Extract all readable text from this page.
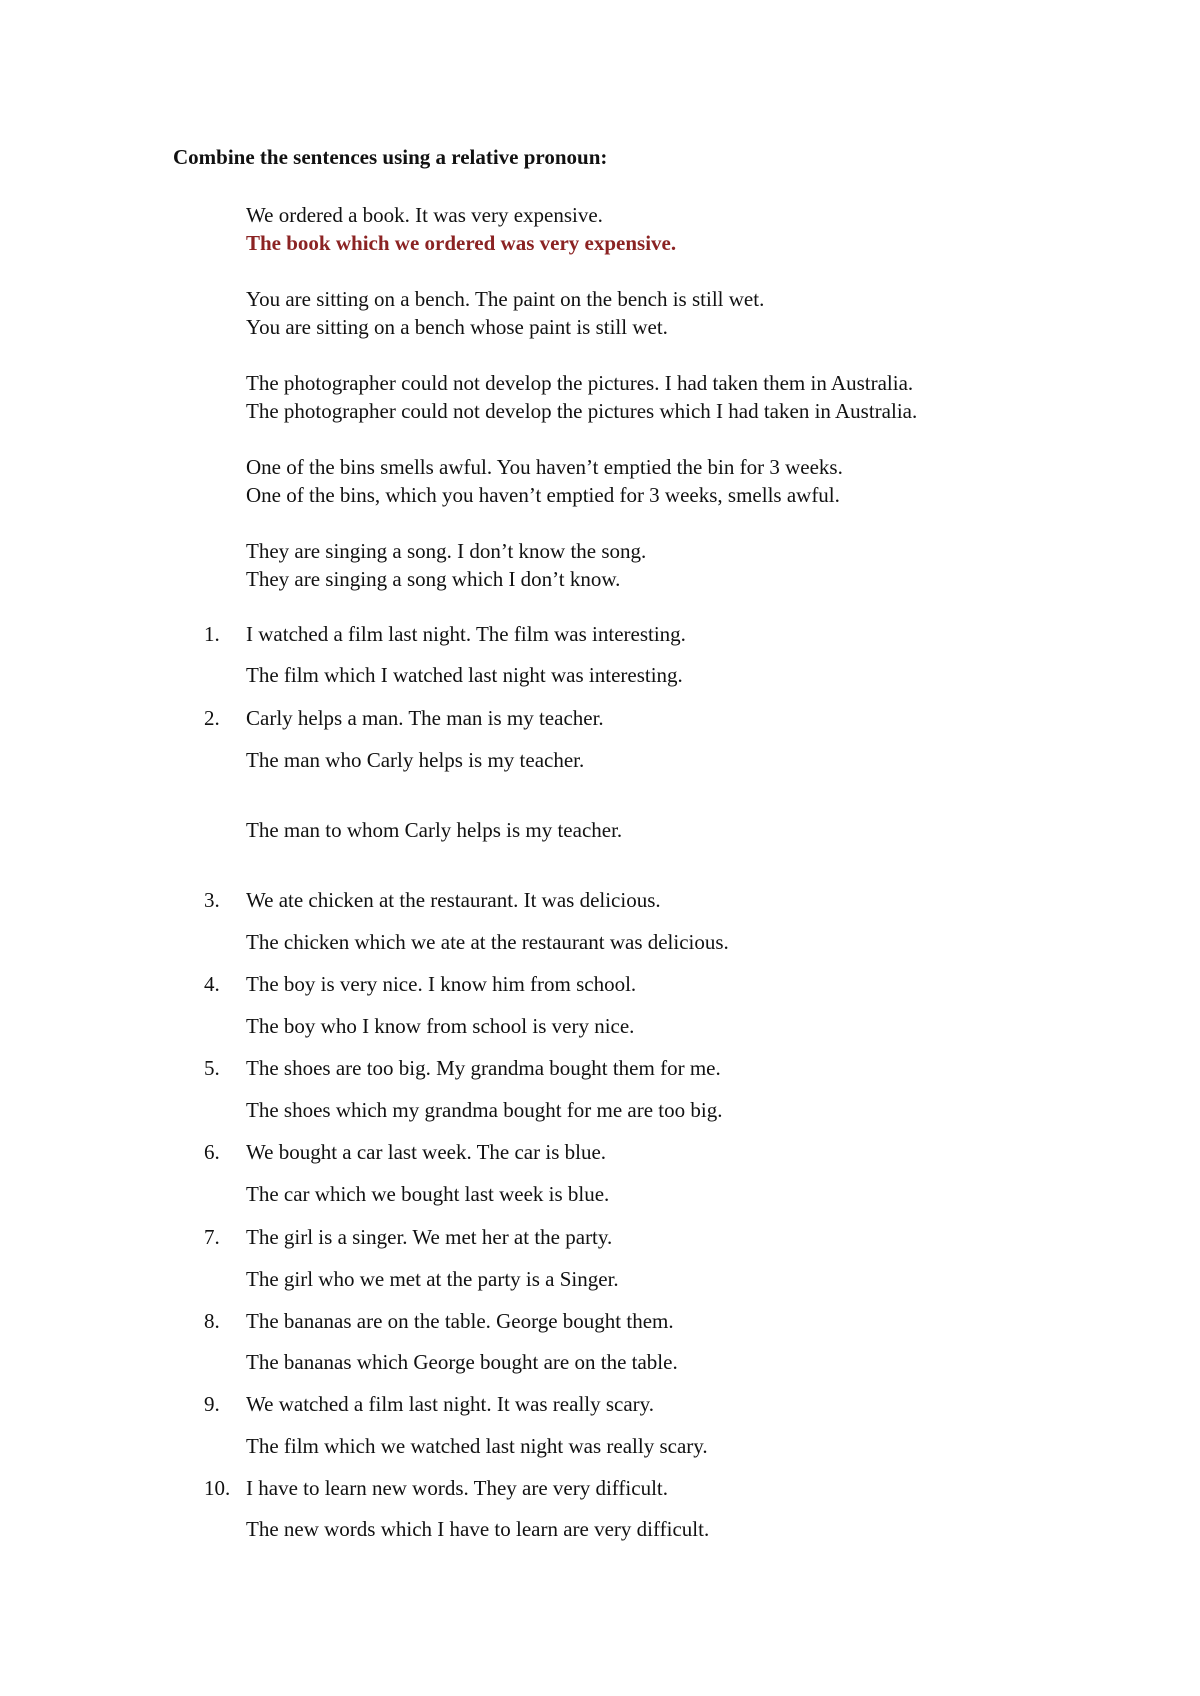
Combine the sentences using a relative pronoun:
We ordered a book. It was very expensive.
The book which we ordered was very expensive.
You are sitting on a bench. The paint on the bench is still wet.
You are sitting on a bench whose paint is still wet.
The photographer could not develop the pictures. I had taken them in Australia.
The photographer could not develop the pictures which I had taken in Australia.
One of the bins smells awful. You haven’t emptied the bin for 3 weeks.
One of the bins, which you haven’t emptied for 3 weeks, smells awful.
They are singing a song. I don’t know the song.
They are singing a song which I don’t know.
1.	I watched a film last night. The film was interesting.
The film which I watched last night was interesting.
2.	Carly helps a man. The man is my teacher.
The man who Carly helps is my teacher.
The man to whom Carly helps is my teacher.
3.	We ate chicken at the restaurant. It was delicious.
The chicken which we ate at the restaurant was delicious.
4.	The boy is very nice. I know him from school.
The boy who I know from school is very nice.
5.	The shoes are too big. My grandma bought them for me.
The shoes which my grandma bought for me are too big.
6.	We bought a car last week. The car is blue.
The car which we bought last week is blue.
7.	The girl is a singer. We met her at the party.
The girl who we met at the party is a Singer.
8.	The bananas are on the table. George bought them.
The bananas which George bought are on the table.
9.	We watched a film last night. It was really scary.
The film which we watched last night was really scary.
10. I have to learn new words. They are very difficult.
The new words which I have to learn are very difficult.
